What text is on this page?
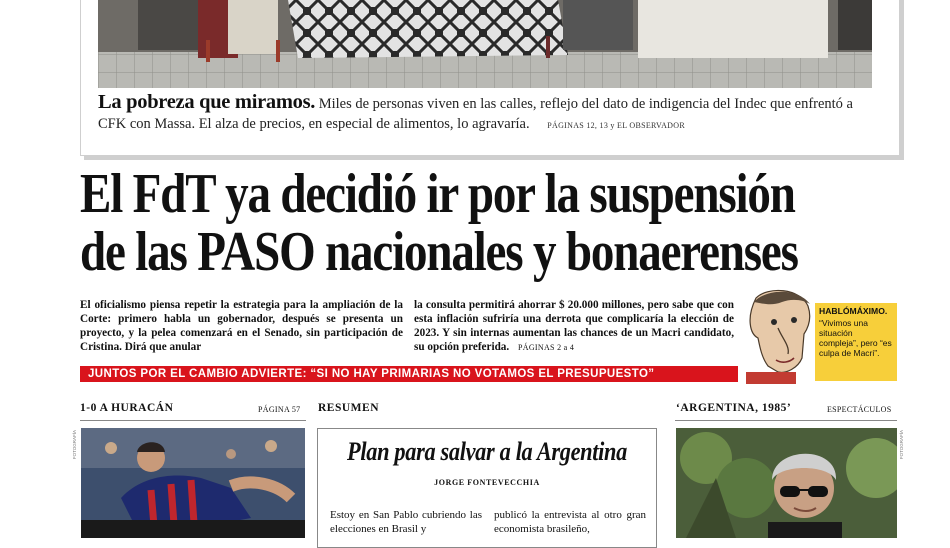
La pobreza que miramos. Miles de personas viven en las calles, reflejo del dato de indigencia del Indec que enfrentó a CFK con Massa. El alza de precios, en especial de alimentos, lo agravaría. PÁGINAS 12, 13 y EL OBSERVADOR
El FdT ya decidió ir por la suspensión
de las PASO nacionales y bonaerenses
El oficialismo piensa repetir la estrategia para la ampliación de la Corte: primero habla un gobernador, después se presenta un proyecto, y la pelea comenzará en el Senado, sin participación de Cristina. Dirá que anular
la consulta permitirá ahorrar $ 20.000 millones, pero sabe que con esta inflación sufriría una derrota que complicaría la elección de 2023. Y sin internas aumentan las chances de un Macri candidato, su opción preferida. PÁGINAS 2 a 4
JUNTOS POR EL CAMBIO ADVIERTE: “SI NO HAY PRIMARIAS NO VOTAMOS EL PRESUPUESTO”
HABLÓMÁXIMO.
“Vivimos una situación compleja”, pero “es culpa de Macri”.
1-0 A HURACÁN	PÁGINA 57 RESUMEN	‘ARGENTINA, 1985’	ESPECTÁCULOS
FOTOGRAFÍA	FOTOGRAFÍA
Plan para salvar a la Argentina
JORGE FONTEVECCHIA
Estoy en San Pablo cubriendo las elecciones en Brasil y
publicó la entrevista al otro gran economista brasileño,
